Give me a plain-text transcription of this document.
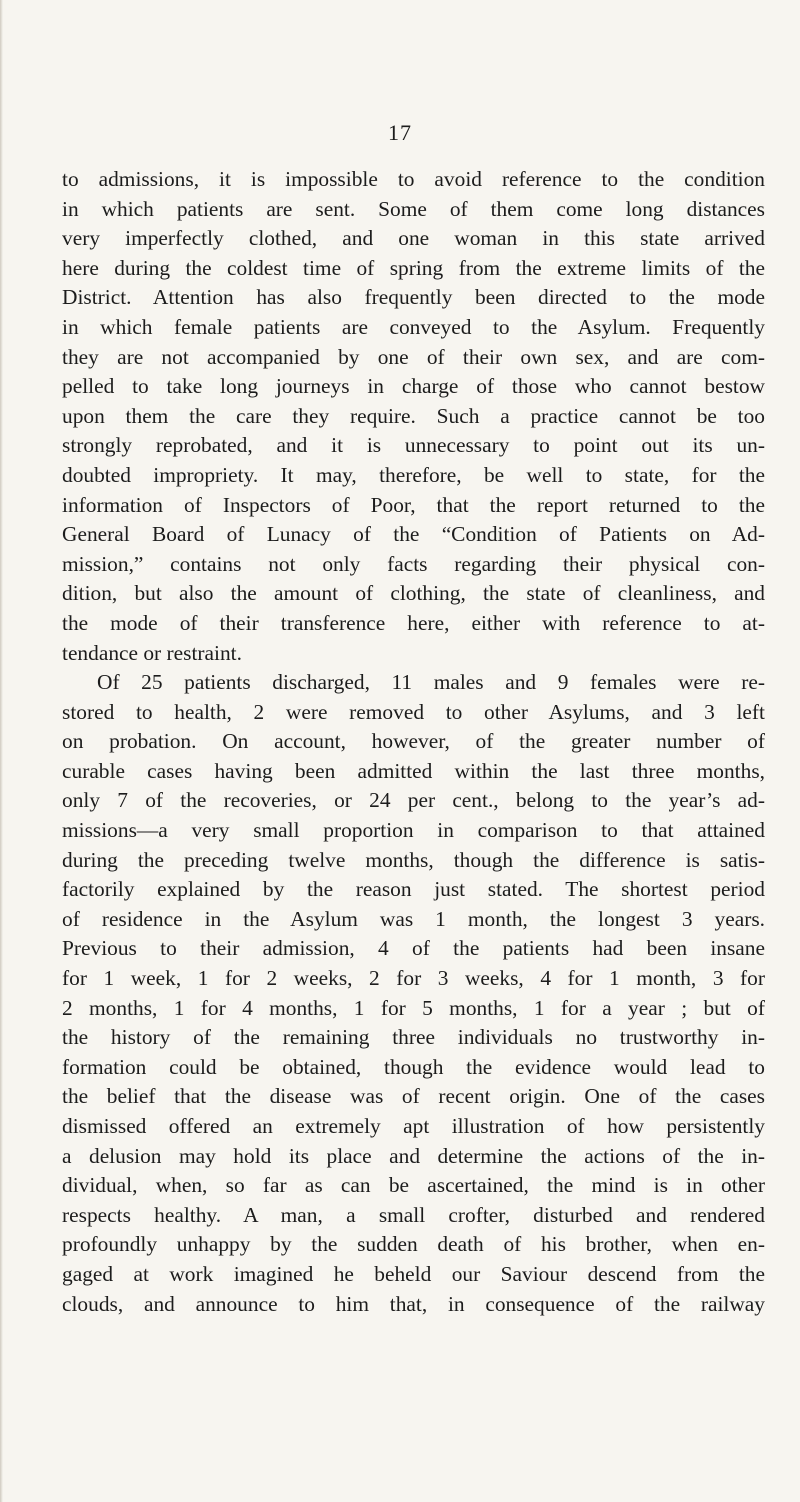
17
to admissions, it is impossible to avoid reference to the condition
in which patients are sent. Some of them come long distances
very imperfectly clothed, and one woman in this state arrived
here during the coldest time of spring from the extreme limits of the
District. Attention has also frequently been directed to the mode
in which female patients are conveyed to the Asylum. Frequently
they are not accompanied by one of their own sex, and are com-
pelled to take long journeys in charge of those who cannot bestow
upon them the care they require. Such a practice cannot be too
strongly reprobated, and it is unnecessary to point out its un-
doubted impropriety. It may, therefore, be well to state, for the
information of Inspectors of Poor, that the report returned to the
General Board of Lunacy of the “Condition of Patients on Ad-
mission,” contains not only facts regarding their physical con-
dition, but also the amount of clothing, the state of cleanliness, and
the mode of their transference here, either with reference to at-
tendance or restraint.
Of 25 patients discharged, 11 males and 9 females were re-
stored to health, 2 were removed to other Asylums, and 3 left
on probation. On account, however, of the greater number of
curable cases having been admitted within the last three months,
only 7 of the recoveries, or 24 per cent., belong to the year’s ad-
missions—a very small proportion in comparison to that attained
during the preceding twelve months, though the difference is satis-
factorily explained by the reason just stated. The shortest period
of residence in the Asylum was 1 month, the longest 3 years.
Previous to their admission, 4 of the patients had been insane
for 1 week, 1 for 2 weeks, 2 for 3 weeks, 4 for 1 month, 3 for
2 months, 1 for 4 months, 1 for 5 months, 1 for a year ; but of
the history of the remaining three individuals no trustworthy in-
formation could be obtained, though the evidence would lead to
the belief that the disease was of recent origin. One of the cases
dismissed offered an extremely apt illustration of how persistently
a delusion may hold its place and determine the actions of the in-
dividual, when, so far as can be ascertained, the mind is in other
respects healthy. A man, a small crofter, disturbed and rendered
profoundly unhappy by the sudden death of his brother, when en-
gaged at work imagined he beheld our Saviour descend from the
clouds, and announce to him that, in consequence of the railway
